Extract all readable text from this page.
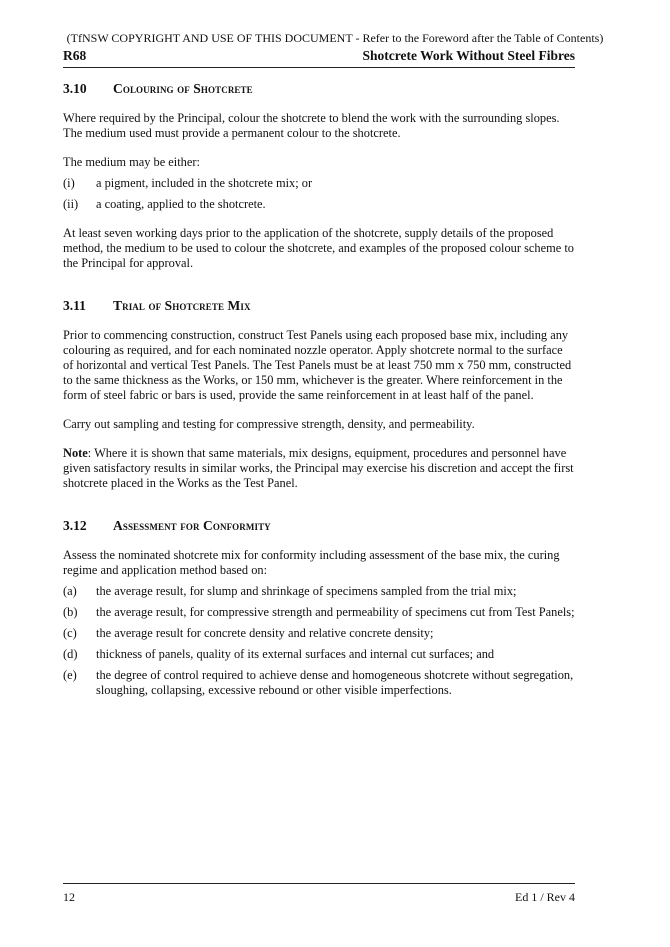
(TfNSW COPYRIGHT AND USE OF THIS DOCUMENT - Refer to the Foreword after the Table of Contents)
R68	Shotcrete Work Without Steel Fibres
3.10 Colouring of Shotcrete

Where required by the Principal, colour the shotcrete to blend the work with the surrounding slopes. The medium used must provide a permanent colour to the shotcrete.

The medium may be either:

(i) a pigment, included in the shotcrete mix; or
(ii) a coating, applied to the shotcrete.

At least seven working days prior to the application of the shotcrete, supply details of the proposed method, the medium to be used to colour the shotcrete, and examples of the proposed colour scheme to the Principal for approval.

3.11 Trial of Shotcrete Mix

Prior to commencing construction, construct Test Panels using each proposed base mix, including any colouring as required, and for each nominated nozzle operator. Apply shotcrete normal to the surface of horizontal and vertical Test Panels. The Test Panels must be at least 750 mm x 750 mm, constructed to the same thickness as the Works, or 150 mm, whichever is the greater. Where reinforcement in the form of steel fabric or bars is used, provide the same reinforcement in at least half of the panel.

Carry out sampling and testing for compressive strength, density, and permeability.

Note: Where it is shown that same materials, mix designs, equipment, procedures and personnel have given satisfactory results in similar works, the Principal may exercise his discretion and accept the first shotcrete placed in the Works as the Test Panel.

3.12 Assessment for Conformity

Assess the nominated shotcrete mix for conformity including assessment of the base mix, the curing regime and application method based on:

(a) the average result, for slump and shrinkage of specimens sampled from the trial mix;
(b) the average result, for compressive strength and permeability of specimens cut from Test Panels;
(c) the average result for concrete density and relative concrete density;
(d) thickness of panels, quality of its external surfaces and internal cut surfaces; and
(e) the degree of control required to achieve dense and homogeneous shotcrete without segregation, sloughing, collapsing, excessive rebound or other visible imperfections.
12	Ed 1 / Rev 4
